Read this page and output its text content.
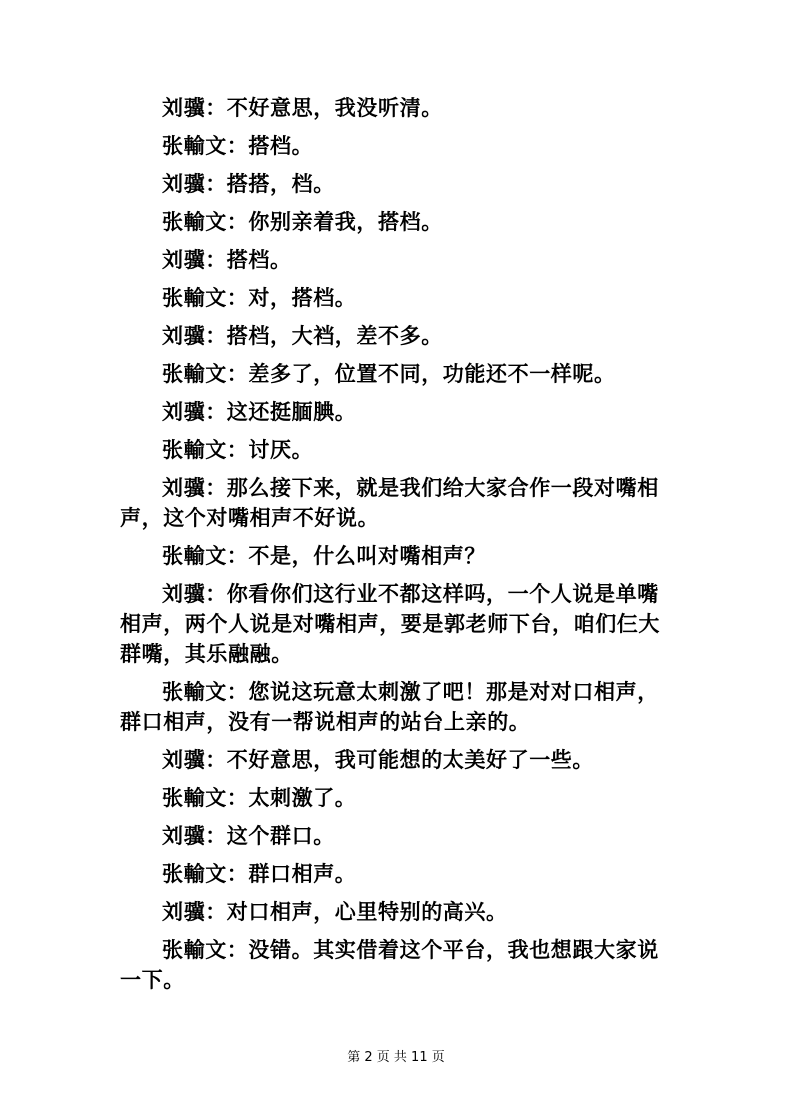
刘骥：不好意思，我没听清。

张輸文：搭档。

刘骥：搭搭，档。

张輸文：你别亲着我，搭档。

刘骥：搭档。

张輸文：对，搭档。

刘骥：搭档，大裆，差不多。

张輸文：差多了，位置不同，功能还不一样呢。

刘骥：这还挺腼腆。

张輸文：讨厌。

刘骥：那么接下来，就是我们给大家合作一段对嘴相声，这个对嘴相声不好说。

张輸文：不是，什么叫对嘴相声？

刘骥：你看你们这行业不都这样吗，一个人说是单嘴相声，两个人说是对嘴相声，要是郭老师下台，咱们仨大群嘴，其乐融融。

张輸文：您说这玩意太刺激了吧！那是对对口相声，群口相声，没有一帮说相声的站台上亲的。

刘骥：不好意思，我可能想的太美好了一些。

张輸文：太刺激了。

刘骥：这个群口。

张輸文：群口相声。

刘骥：对口相声，心里特别的高兴。

张輸文：没错。其实借着这个平台，我也想跟大家说一下。

第 2 页 共 11 页
